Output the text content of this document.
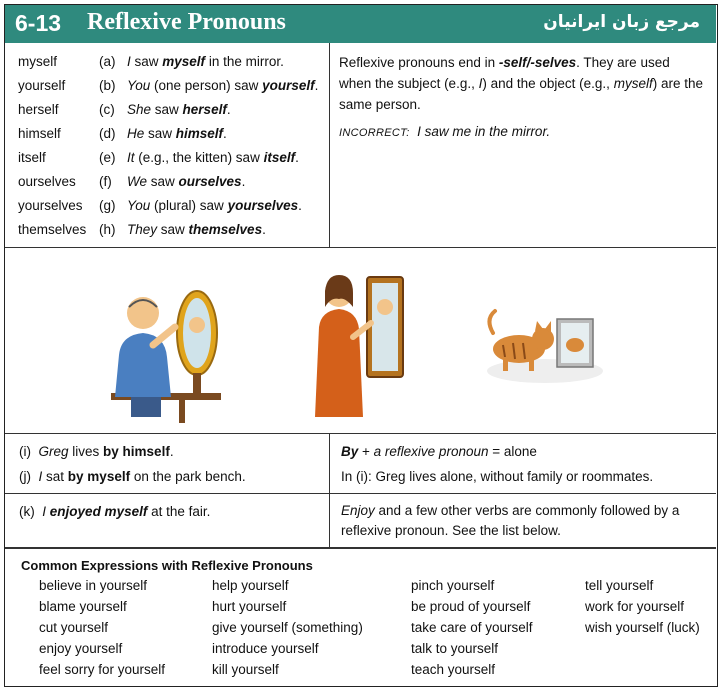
6-13 Reflexive Pronouns	مرجع زبان ایرانیان
myself	(a) I saw myself in the mirror.
yourself (b) You (one person) saw yourself.
herself	(c) She saw herself.
himself	(d) He saw himself.
itself	(e) It (e.g., the kitten) saw itself.
ourselves (f) We saw ourselves.
yourselves (g) You (plural) saw yourselves.
themselves (h) They saw themselves.
Reflexive pronouns end in -self/-selves. They are used when the subject (e.g., I) and the object (e.g., myself) are the same person.
INCORRECT: I saw me in the mirror.
(i) Greg lives by himself.
(j) I sat by myself on the park bench.
By + a reflexive pronoun = alone
In (i): Greg lives alone, without family or roommates.
(k) I enjoyed myself at the fair.	Enjoy and a few other verbs are commonly followed by a reflexive pronoun. See the list below.
Common Expressions with Reflexive Pronouns
believe in yourself
blame yourself
cut yourself
enjoy yourself
feel sorry for yourself
help yourself
hurt yourself
give yourself (something)
introduce yourself
kill yourself
pinch yourself
be proud of yourself
take care of yourself
talk to yourself
teach yourself
tell yourself
work for yourself
wish yourself (luck)
